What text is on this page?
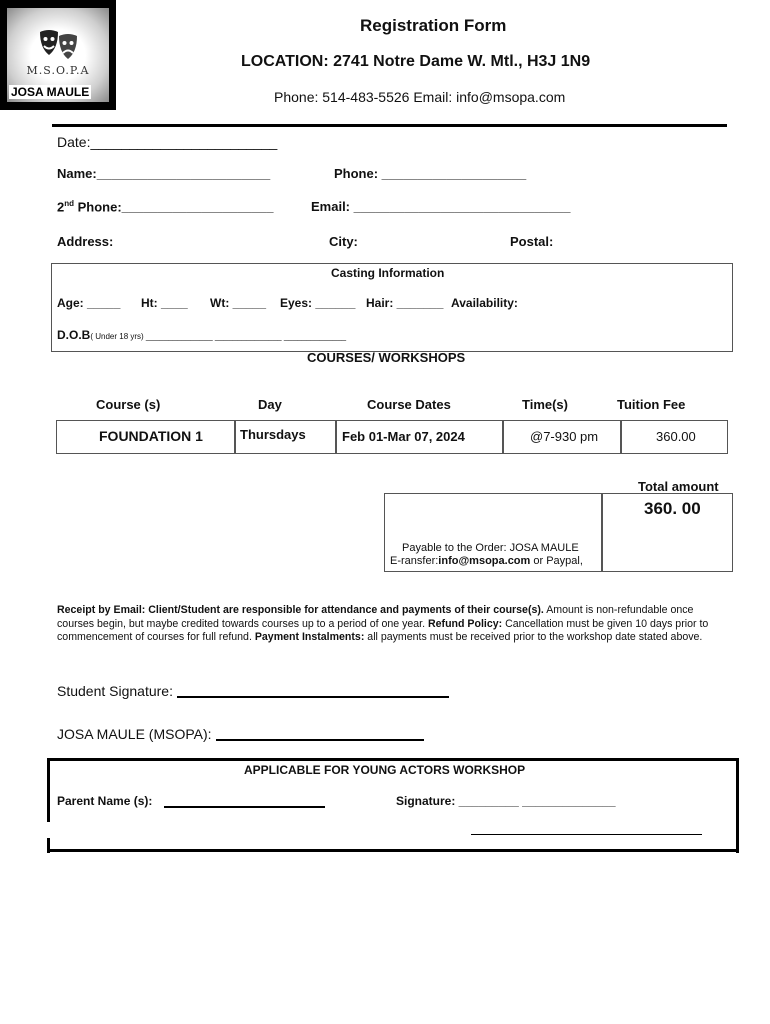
M.S.O.P.A
JOSA MAULE
Registration Form
LOCATION: 2741 Notre Dame W. Mtl., H3J 1N9
Phone: 514-483-5526 Email: info@msopa.com
Date:________________________
Name:________________________	Phone: ____________________
2nd Phone:_____________________	Email: ______________________________
Address:	City:	Postal:
Casting Information
Age: _____ Ht: ____ Wt: _____ Eyes: ______ Hair: _______ Availability:
D.O.B( Under 18 yrs) _______________ _______________ ______________
COURSES/ WORKSHOPS
Course (s)	Day	Course Dates	Time(s)	Tuition Fee
FOUNDATION 1	Thursdays	Feb 01-Mar 07, 2024	@7-930 pm	360.00
Total amount
360. 00
Payable to the Order: JOSA MAULE
E-ransfer:info@msopa.com or Paypal,
Receipt by Email: Client/Student are responsible for attendance and payments of their course(s). Amount is non-refundable once courses begin, but maybe credited towards courses up to a period of one year. Refund Policy: Cancellation must be given 10 days prior to commencement of courses for full refund. Payment Instalments: all payments must be received prior to the workshop date stated above.
Student Signature:
JOSA MAULE (MSOPA):
APPLICABLE FOR YOUNG ACTORS WORKSHOP
Parent Name (s):	Signature: _________ ______________
